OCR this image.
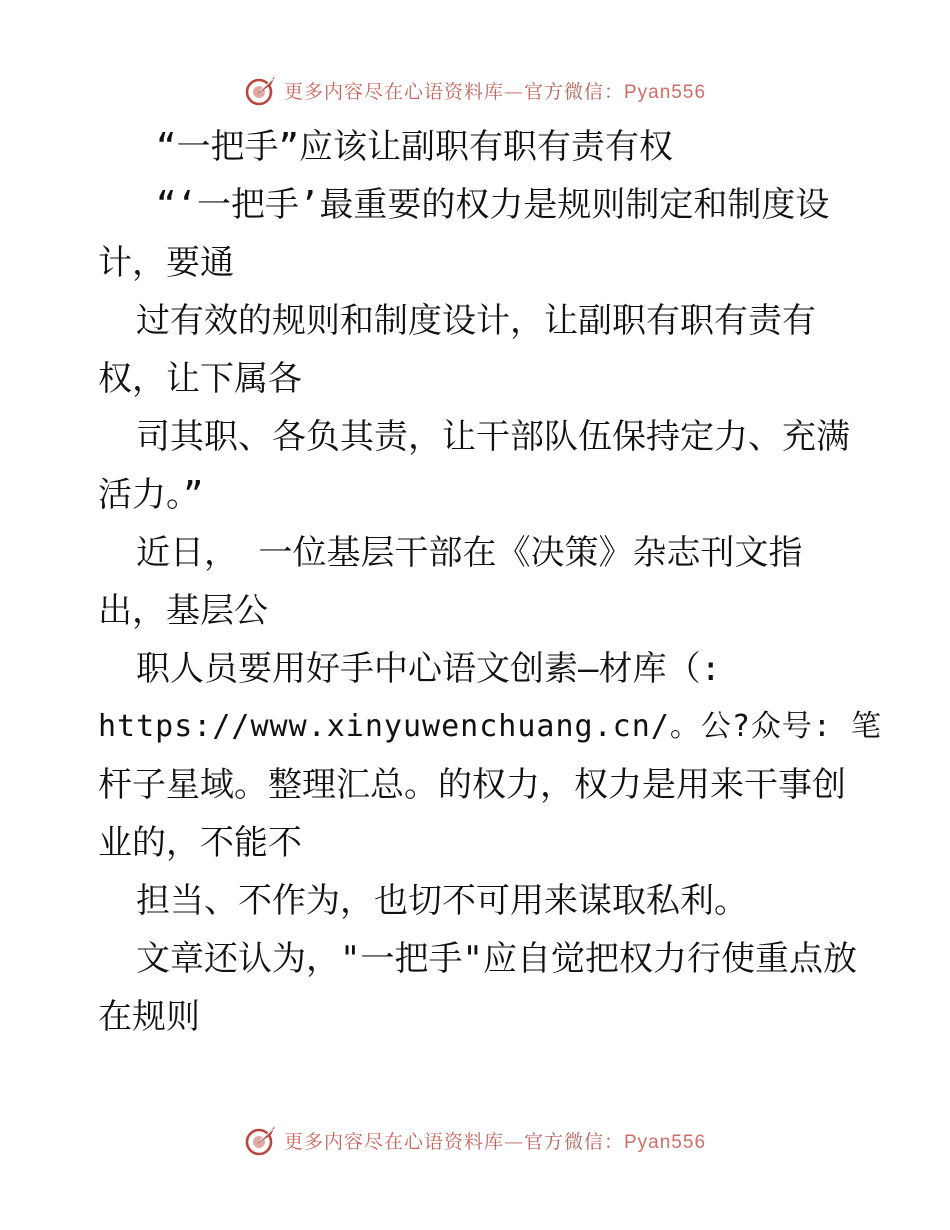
更多内容尽在心语资料库—官方微信：Pyan556
“一把手”应该让副职有职有责有权
“‘一把手’最重要的权力是规则制定和制度设
计，要通
过有效的规则和制度设计，让副职有职有责有
权，让下属各
司其职、各负其责，让干部队伍保持定力、充满
活力。”
近日， 一位基层干部在《决策》杂志刊文指
出，基层公
职人员要用好手中心语文创素—材库（:
https://www.xinyuwenchuang.cn/。公?众号: 笔
杆子星域。整理汇总。的权力，权力是用来干事创
业的，不能不
担当、不作为，也切不可用来谋取私利。
文章还认为，"一把手"应自觉把权力行使重点放
在规则
更多内容尽在心语资料库—官方微信：Pyan556
